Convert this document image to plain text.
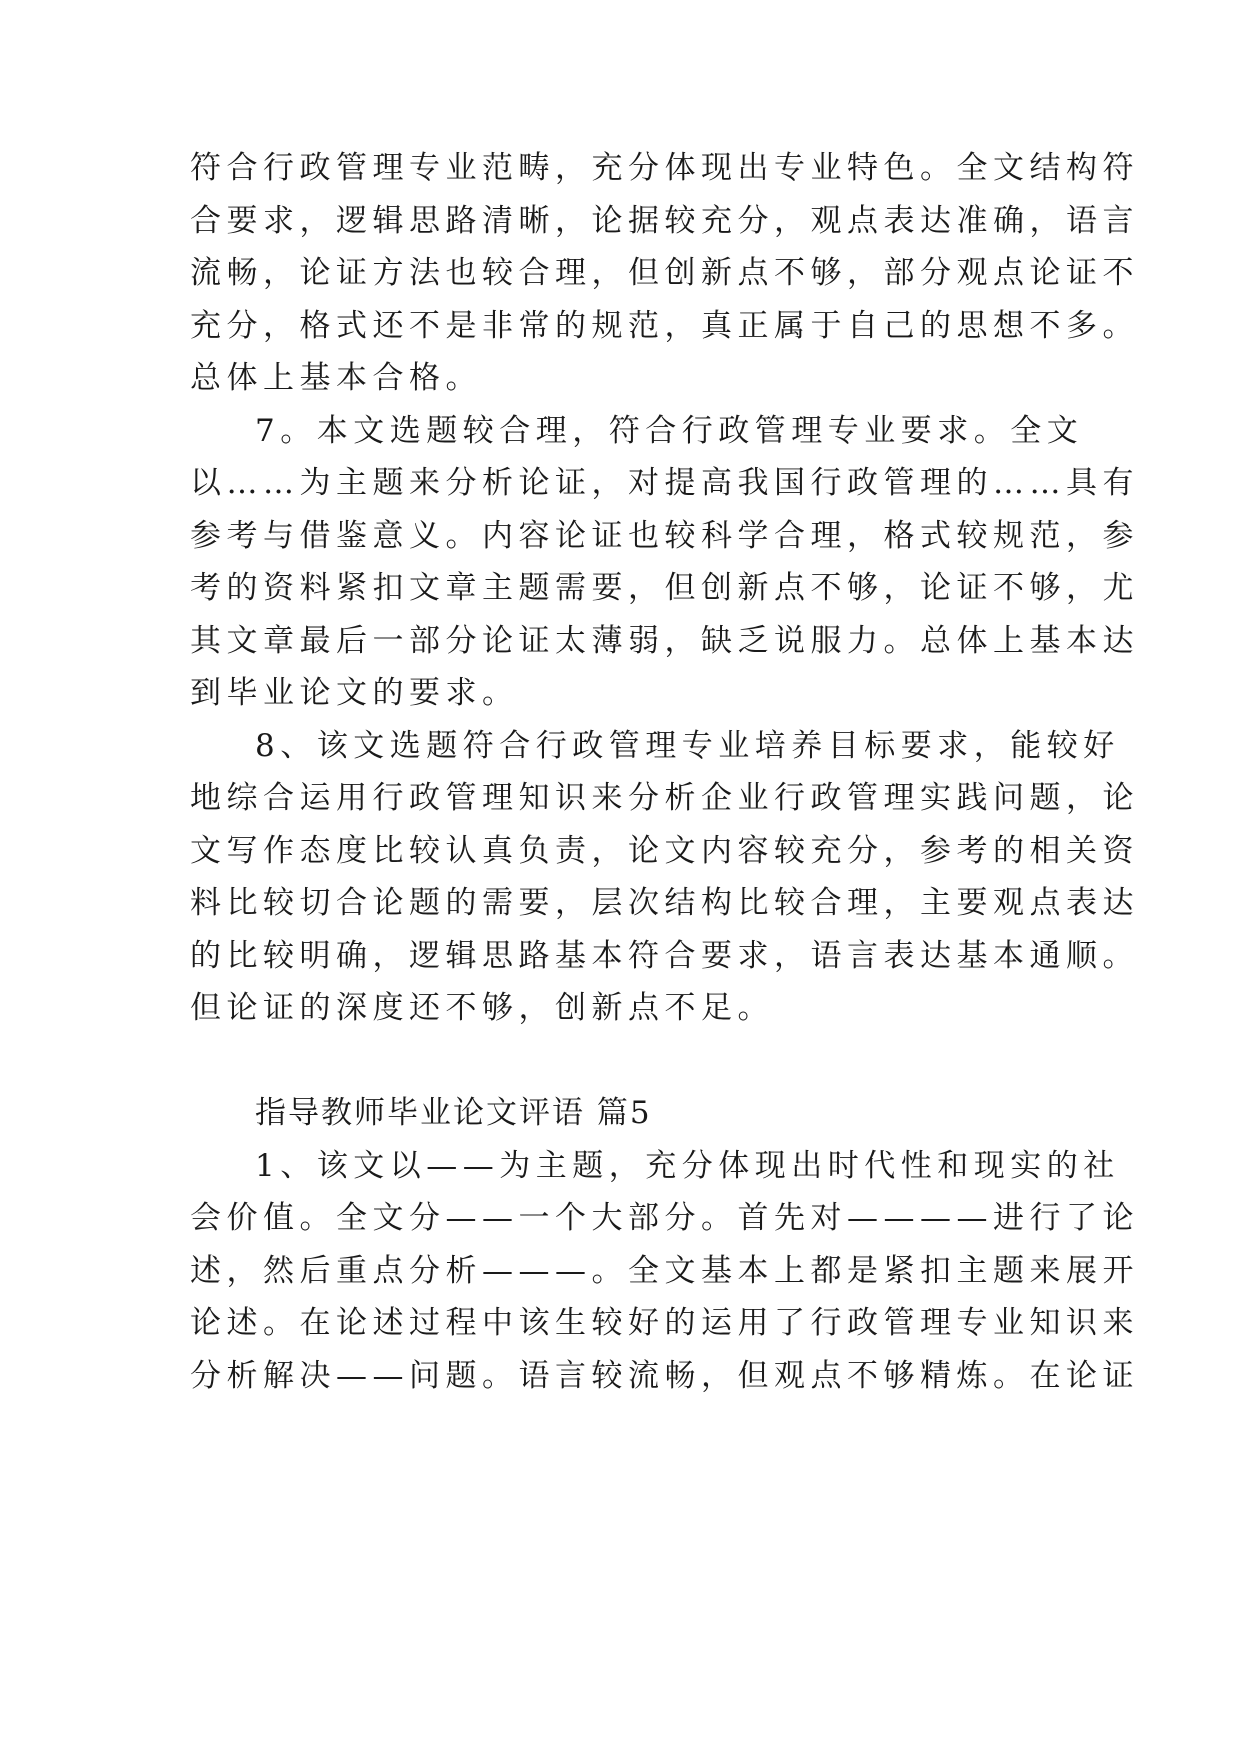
符合行政管理专业范畴，充分体现出专业特色。全文结构符
合要求，逻辑思路清晰，论据较充分，观点表达准确，语言
流畅，论证方法也较合理，但创新点不够，部分观点论证不
充分，格式还不是非常的规范，真正属于自己的思想不多。
总体上基本合格。
7。本文选题较合理，符合行政管理专业要求。全文
以……为主题来分析论证，对提高我国行政管理的……具有
参考与借鉴意义。内容论证也较科学合理，格式较规范，参
考的资料紧扣文章主题需要，但创新点不够，论证不够，尤
其文章最后一部分论证太薄弱，缺乏说服力。总体上基本达
到毕业论文的要求。
8、该文选题符合行政管理专业培养目标要求，能较好
地综合运用行政管理知识来分析企业行政管理实践问题，论
文写作态度比较认真负责，论文内容较充分，参考的相关资
料比较切合论题的需要，层次结构比较合理，主要观点表达
的比较明确，逻辑思路基本符合要求，语言表达基本通顺。
但论证的深度还不够，创新点不足。
指导教师毕业论文评语 篇5
1、该文以——为主题，充分体现出时代性和现实的社
会价值。全文分——一个大部分。首先对————进行了论
述，然后重点分析———。全文基本上都是紧扣主题来展开
论述。在论述过程中该生较好的运用了行政管理专业知识来
分析解决——问题。语言较流畅，但观点不够精炼。在论证
